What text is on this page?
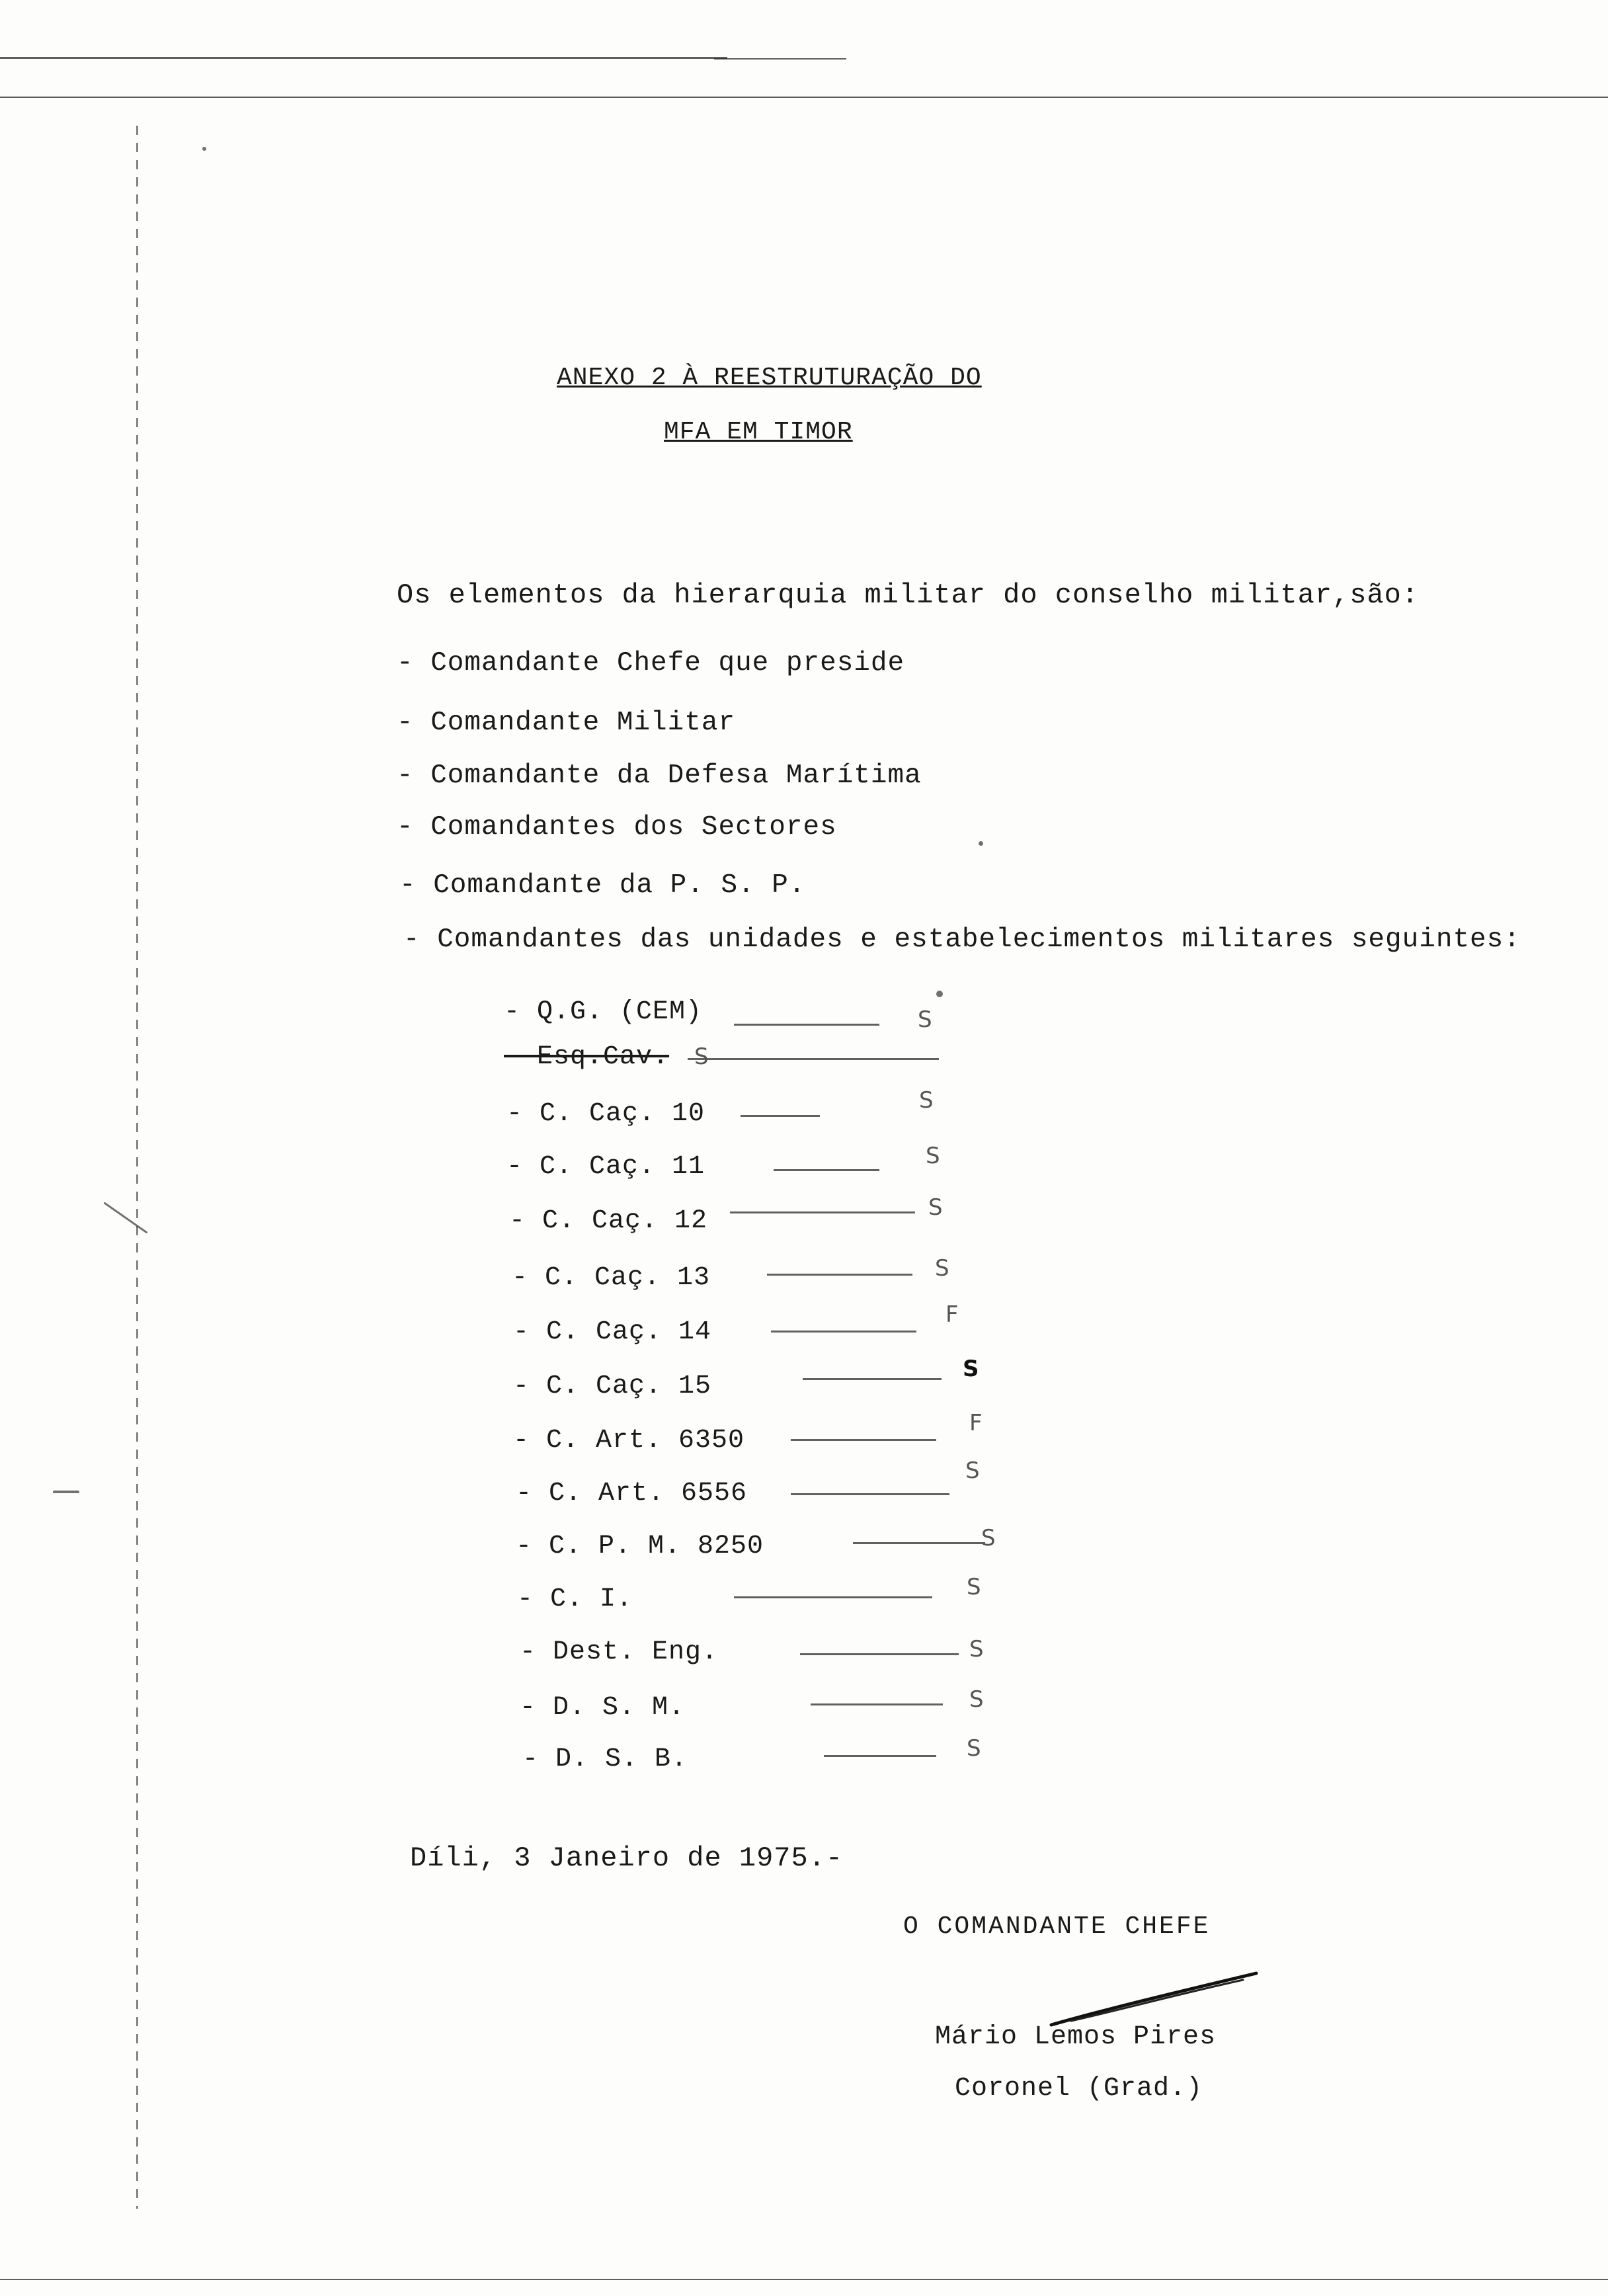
ANEXO 2 À REESTRUTURAÇÃO DO
MFA EM TIMOR
Os elementos da hierarquia militar do conselho militar,são:
- Comandante Chefe que preside
- Comandante Militar
- Comandante da Defesa Marítima
- Comandantes dos Sectores
- Comandante da P. S. P.
- Comandantes das unidades e estabelecimentos militares seguintes:
- Q.G. (CEM)
- Esq.Cav.
- C. Caç. 10
- C. Caç. 11
- C. Caç. 12
- C. Caç. 13
- C. Caç. 14
- C. Caç. 15
- C. Art. 6350
- C. Art. 6556
- C. P. M. 8250
- C. I.
- Dest. Eng.
- D. S. M.
- D. S. B.
S
S
S
S
S
S
F
S
F
S
S
S
S
S
S
Díli, 3 Janeiro de 1975.-
O COMANDANTE CHEFE
Mário Lemos Pires
Coronel (Grad.)
